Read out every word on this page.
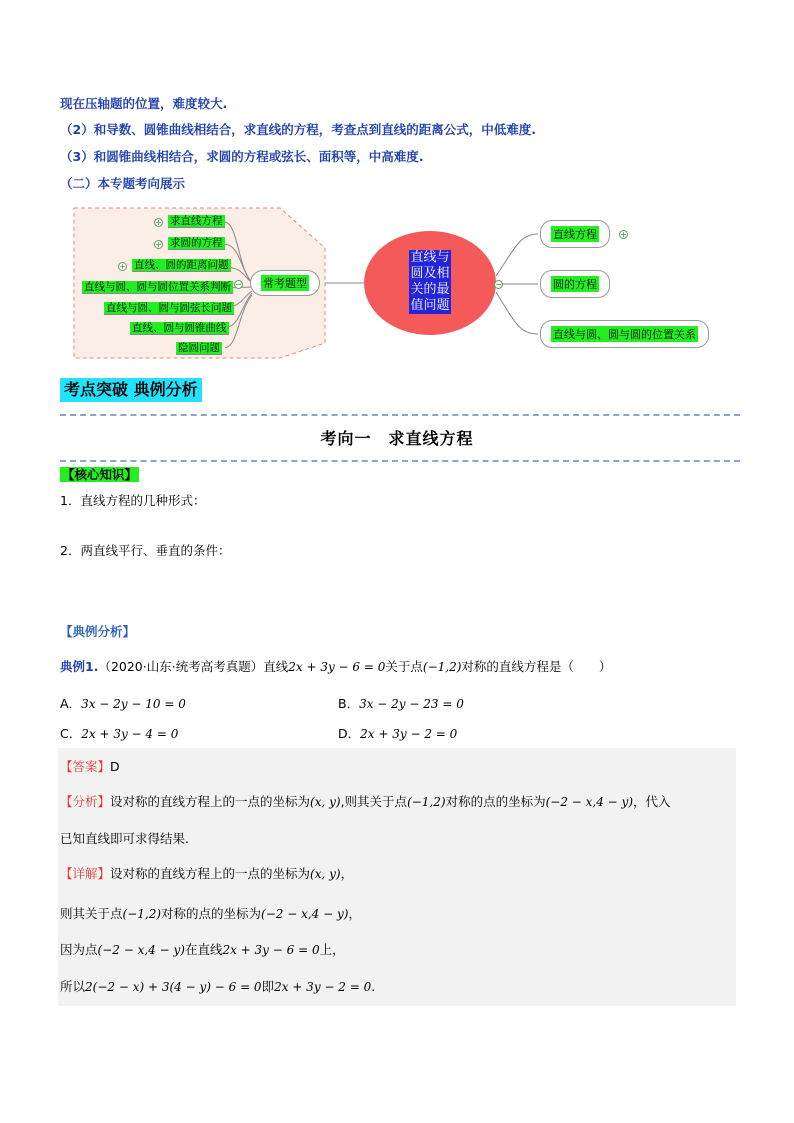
现在压轴题的位置，难度较大.
（2）和导数、圆锥曲线相结合，求直线的方程，考查点到直线的距离公式，中低难度.
（3）和圆锥曲线相结合，求圆的方程或弦长、面积等，中高难度.
（二）本专题考向展示
+ 求直线方程
+ 求圆的方程
+ 直线、圆的距离问题
直线与圆、圆与圆位置关系判断
直线与圆、圆与圆弦长问题
直线、圆与圆锥曲线
隐圆问题
− 常考题型
直线与
圆及相
关的最
值问题
−
直线方程	+
圆的方程
直线与圆、圆与圆的位置关系
考点突破 典例分析
考向一　求直线方程
【核心知识】
1．直线方程的几种形式：
2．两直线平行、垂直的条件：
【典例分析】
典例1.（2020·山东·统考高考真题）直线2x + 3y − 6 = 0关于点(−1,2)对称的直线方程是（　　）
A．3x − 2y − 10 = 0	B．3x − 2y − 23 = 0
C．2x + 3y − 4 = 0	D．2x + 3y − 2 = 0
【答案】D
【分析】设对称的直线方程上的一点的坐标为(x, y),则其关于点(−1,2)对称的点的坐标为(−2 − x,4 − y)，代入
已知直线即可求得结果.
【详解】设对称的直线方程上的一点的坐标为(x, y)，
则其关于点(−1,2)对称的点的坐标为(−2 − x,4 − y)，
因为点(−2 − x,4 − y)在直线2x + 3y − 6 = 0上，
所以2(−2 − x) + 3(4 − y) − 6 = 0即2x + 3y − 2 = 0.
